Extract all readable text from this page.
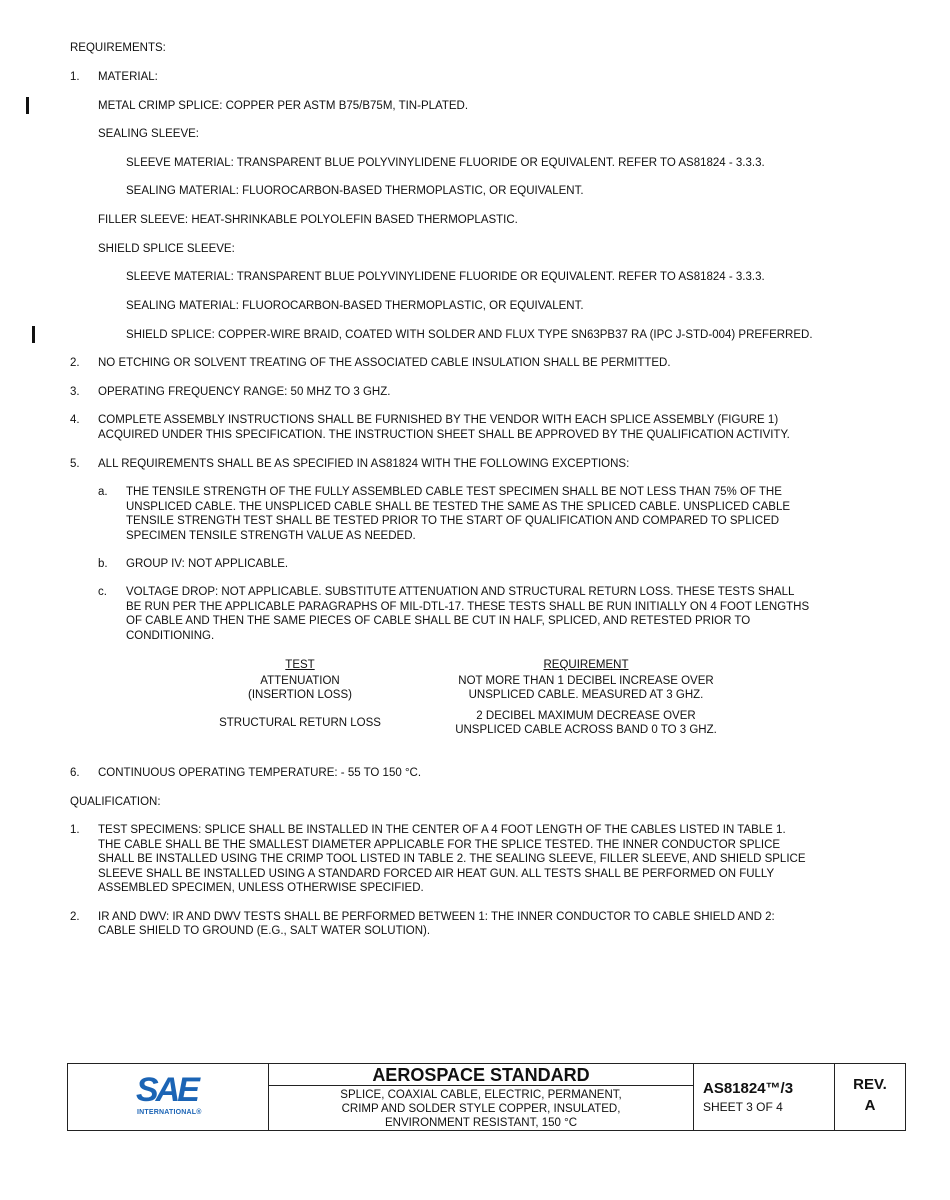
REQUIREMENTS:
1. MATERIAL:
METAL CRIMP SPLICE: COPPER PER ASTM B75/B75M, TIN-PLATED.
SEALING SLEEVE:
SLEEVE MATERIAL: TRANSPARENT BLUE POLYVINYLIDENE FLUORIDE OR EQUIVALENT. REFER TO AS81824 - 3.3.3.
SEALING MATERIAL: FLUOROCARBON-BASED THERMOPLASTIC, OR EQUIVALENT.
FILLER SLEEVE: HEAT-SHRINKABLE POLYOLEFIN BASED THERMOPLASTIC.
SHIELD SPLICE SLEEVE:
SLEEVE MATERIAL: TRANSPARENT BLUE POLYVINYLIDENE FLUORIDE OR EQUIVALENT. REFER TO AS81824 - 3.3.3.
SEALING MATERIAL: FLUOROCARBON-BASED THERMOPLASTIC, OR EQUIVALENT.
SHIELD SPLICE: COPPER-WIRE BRAID, COATED WITH SOLDER AND FLUX TYPE SN63PB37 RA (IPC J-STD-004) PREFERRED.
2. NO ETCHING OR SOLVENT TREATING OF THE ASSOCIATED CABLE INSULATION SHALL BE PERMITTED.
3. OPERATING FREQUENCY RANGE: 50 MHZ TO 3 GHZ.
4. COMPLETE ASSEMBLY INSTRUCTIONS SHALL BE FURNISHED BY THE VENDOR WITH EACH SPLICE ASSEMBLY (FIGURE 1)
ACQUIRED UNDER THIS SPECIFICATION. THE INSTRUCTION SHEET SHALL BE APPROVED BY THE QUALIFICATION ACTIVITY.
5. ALL REQUIREMENTS SHALL BE AS SPECIFIED IN AS81824 WITH THE FOLLOWING EXCEPTIONS:
a. THE TENSILE STRENGTH OF THE FULLY ASSEMBLED CABLE TEST SPECIMEN SHALL BE NOT LESS THAN 75% OF THE
UNSPLICED CABLE. THE UNSPLICED CABLE SHALL BE TESTED THE SAME AS THE SPLICED CABLE. UNSPLICED CABLE
TENSILE STRENGTH TEST SHALL BE TESTED PRIOR TO THE START OF QUALIFICATION AND COMPARED TO SPLICED
SPECIMEN TENSILE STRENGTH VALUE AS NEEDED.
b. GROUP IV: NOT APPLICABLE.
c. VOLTAGE DROP: NOT APPLICABLE. SUBSTITUTE ATTENUATION AND STRUCTURAL RETURN LOSS. THESE TESTS SHALL
BE RUN PER THE APPLICABLE PARAGRAPHS OF MIL-DTL-17. THESE TESTS SHALL BE RUN INITIALLY ON 4 FOOT LENGTHS
OF CABLE AND THEN THE SAME PIECES OF CABLE SHALL BE CUT IN HALF, SPLICED, AND RETESTED PRIOR TO
CONDITIONING.
TEST	REQUIREMENT
ATTENUATION
(INSERTION LOSS)
NOT MORE THAN 1 DECIBEL INCREASE OVER
UNSPLICED CABLE. MEASURED AT 3 GHZ.
STRUCTURAL RETURN LOSS
2 DECIBEL MAXIMUM DECREASE OVER
UNSPLICED CABLE ACROSS BAND 0 TO 3 GHZ.
6. CONTINUOUS OPERATING TEMPERATURE: - 55 TO 150 °C.
QUALIFICATION:
1. TEST SPECIMENS: SPLICE SHALL BE INSTALLED IN THE CENTER OF A 4 FOOT LENGTH OF THE CABLES LISTED IN TABLE 1.
THE CABLE SHALL BE THE SMALLEST DIAMETER APPLICABLE FOR THE SPLICE TESTED. THE INNER CONDUCTOR SPLICE
SHALL BE INSTALLED USING THE CRIMP TOOL LISTED IN TABLE 2. THE SEALING SLEEVE, FILLER SLEEVE, AND SHIELD SPLICE
SLEEVE SHALL BE INSTALLED USING A STANDARD FORCED AIR HEAT GUN. ALL TESTS SHALL BE PERFORMED ON FULLY
ASSEMBLED SPECIMEN, UNLESS OTHERWISE SPECIFIED.
2. IR AND DWV: IR AND DWV TESTS SHALL BE PERFORMED BETWEEN 1: THE INNER CONDUCTOR TO CABLE SHIELD AND 2:
CABLE SHIELD TO GROUND (E.G., SALT WATER SOLUTION).
SAE
INTERNATIONAL®
AEROSPACE STANDARD
SPLICE, COAXIAL CABLE, ELECTRIC, PERMANENT,
CRIMP AND SOLDER STYLE COPPER, INSULATED,
ENVIRONMENT RESISTANT, 150 °C
AS81824™/3
SHEET 3 OF 4
REV.
A
